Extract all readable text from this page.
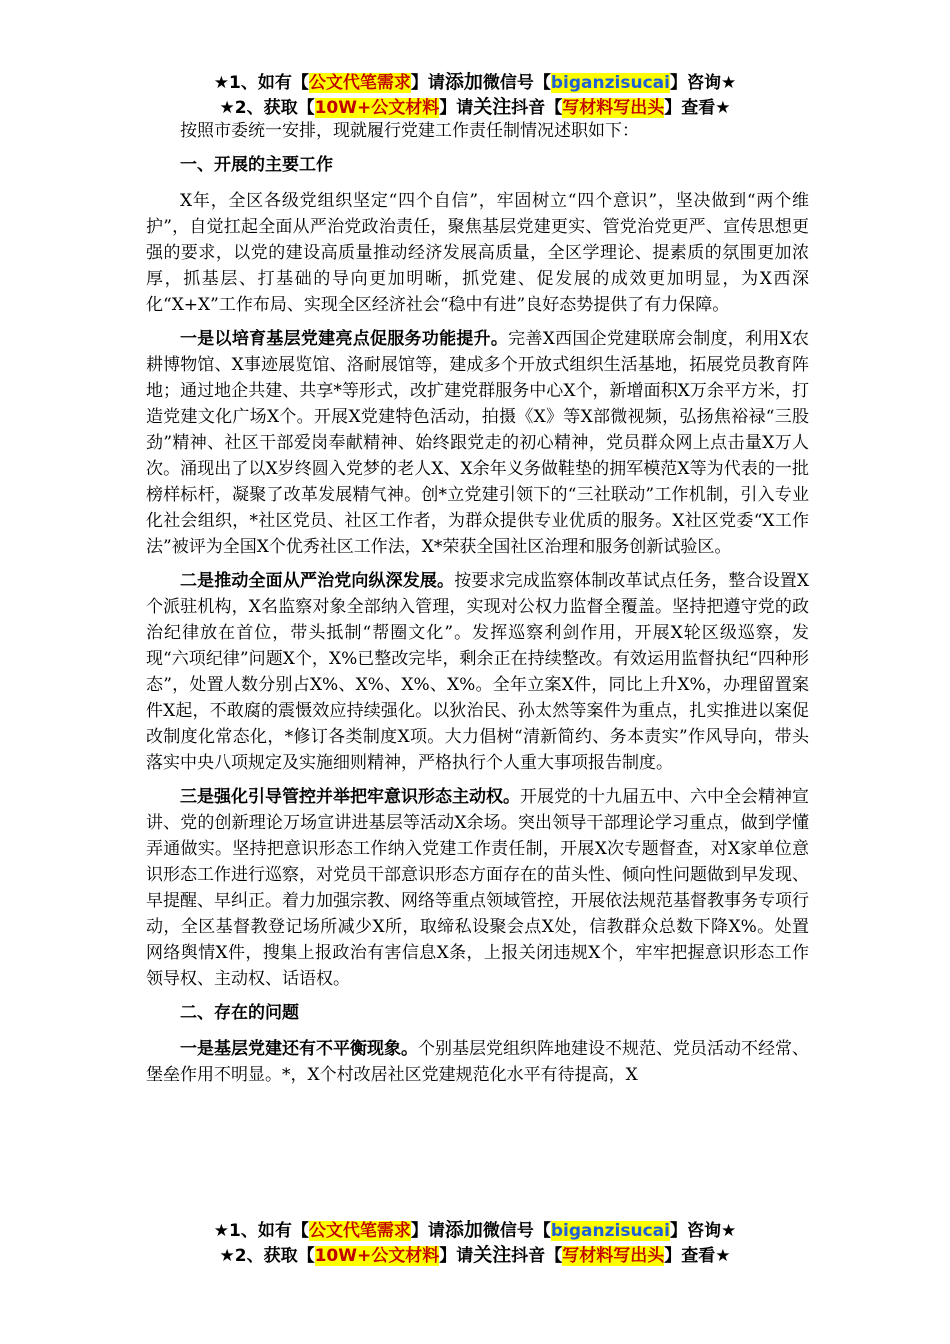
★1、如有【公文代笔需求】请添加微信号【biganzisucai】咨询★
★2、获取【10W+公文材料】请关注抖音【写材料写出头】查看★

按照市委统一安排，现就履行党建工作责任制情况述职如下：

一、开展的主要工作

X年，全区各级党组织坚定“四个自信”，牢固树立“四个意识”，坚决做到“两个维护”，自觉扛起全面从严治党政治责任，聚焦基层党建更实、管党治党更严、宣传思想更强的要求，以党的建设高质量推动经济发展高质量，全区学理论、提素质的氛围更加浓厚，抓基层、打基础的导向更加明晰，抓党建、促发展的成效更加明显，为X西深化“X+X”工作布局、实现全区经济社会“稳中有进”良好态势提供了有力保障。

一是以培育基层党建亮点促服务功能提升。完善X西国企党建联席会制度，利用X农耕博物馆、X事迹展览馆、洛耐展馆等，建成多个开放式组织生活基地，拓展党员教育阵地；通过地企共建、共享*等形式，改扩建党群服务中心X个，新增面积X万余平方米，打造党建文化广场X个。开展X党建特色活动，拍摄《X》等X部微视频，弘扬焦裕禄“三股劲”精神、社区干部爱岗奉献精神、始终跟党走的初心精神，党员群众网上点击量X万人次。涌现出了以X岁终圆入党梦的老人X、X余年义务做鞋垫的拥军模范X等为代表的一批榜样标杆，凝聚了改革发展精气神。创*立党建引领下的“三社联动”工作机制，引入专业化社会组织，*社区党员、社区工作者，为群众提供专业优质的服务。X社区党委“X工作法”被评为全国X个优秀社区工作法，X*荣获全国社区治理和服务创新试验区。

二是推动全面从严治党向纵深发展。按要求完成监察体制改革试点任务，整合设置X个派驻机构，X名监察对象全部纳入管理，实现对公权力监督全覆盖。坚持把遵守党的政治纪律放在首位，带头抵制“帮圈文化”。发挥巡察利剑作用，开展X轮区级巡察，发现“六项纪律”问题X个，X%已整改完毕，剩余正在持续整改。有效运用监督执纪“四种形态”，处置人数分别占X%、X%、X%、X%。全年立案X件，同比上升X%，办理留置案件X起，不敢腐的震慑效应持续强化。以狄治民、孙太然等案件为重点，扎实推进以案促改制度化常态化，*修订各类制度X项。大力倡树“清新简约、务本责实”作风导向，带头落实中央八项规定及实施细则精神，严格执行个人重大事项报告制度。

三是强化引导管控并举把牢意识形态主动权。开展党的十九届五中、六中全会精神宣讲、党的创新理论万场宣讲进基层等活动X余场。突出领导干部理论学习重点，做到学懂弄通做实。坚持把意识形态工作纳入党建工作责任制，开展X次专题督查，对X家单位意识形态工作进行巡察，对党员干部意识形态方面存在的苗头性、倾向性问题做到早发现、早提醒、早纠正。着力加强宗教、网络等重点领域管控，开展依法规范基督教事务专项行动，全区基督教登记场所减少X所，取缔私设聚会点X处，信教群众总数下降X%。处置网络舆情X件，搜集上报政治有害信息X条，上报关闭违规X个，牢牢把握意识形态工作领导权、主动权、话语权。

二、存在的问题

一是基层党建还有不平衡现象。个别基层党组织阵地建设不规范、党员活动不经常、堡垒作用不明显。*，X个村改居社区党建规范化水平有待提高，X

★1、如有【公文代笔需求】请添加微信号【biganzisucai】咨询★
★2、获取【10W+公文材料】请关注抖音【写材料写出头】查看★
